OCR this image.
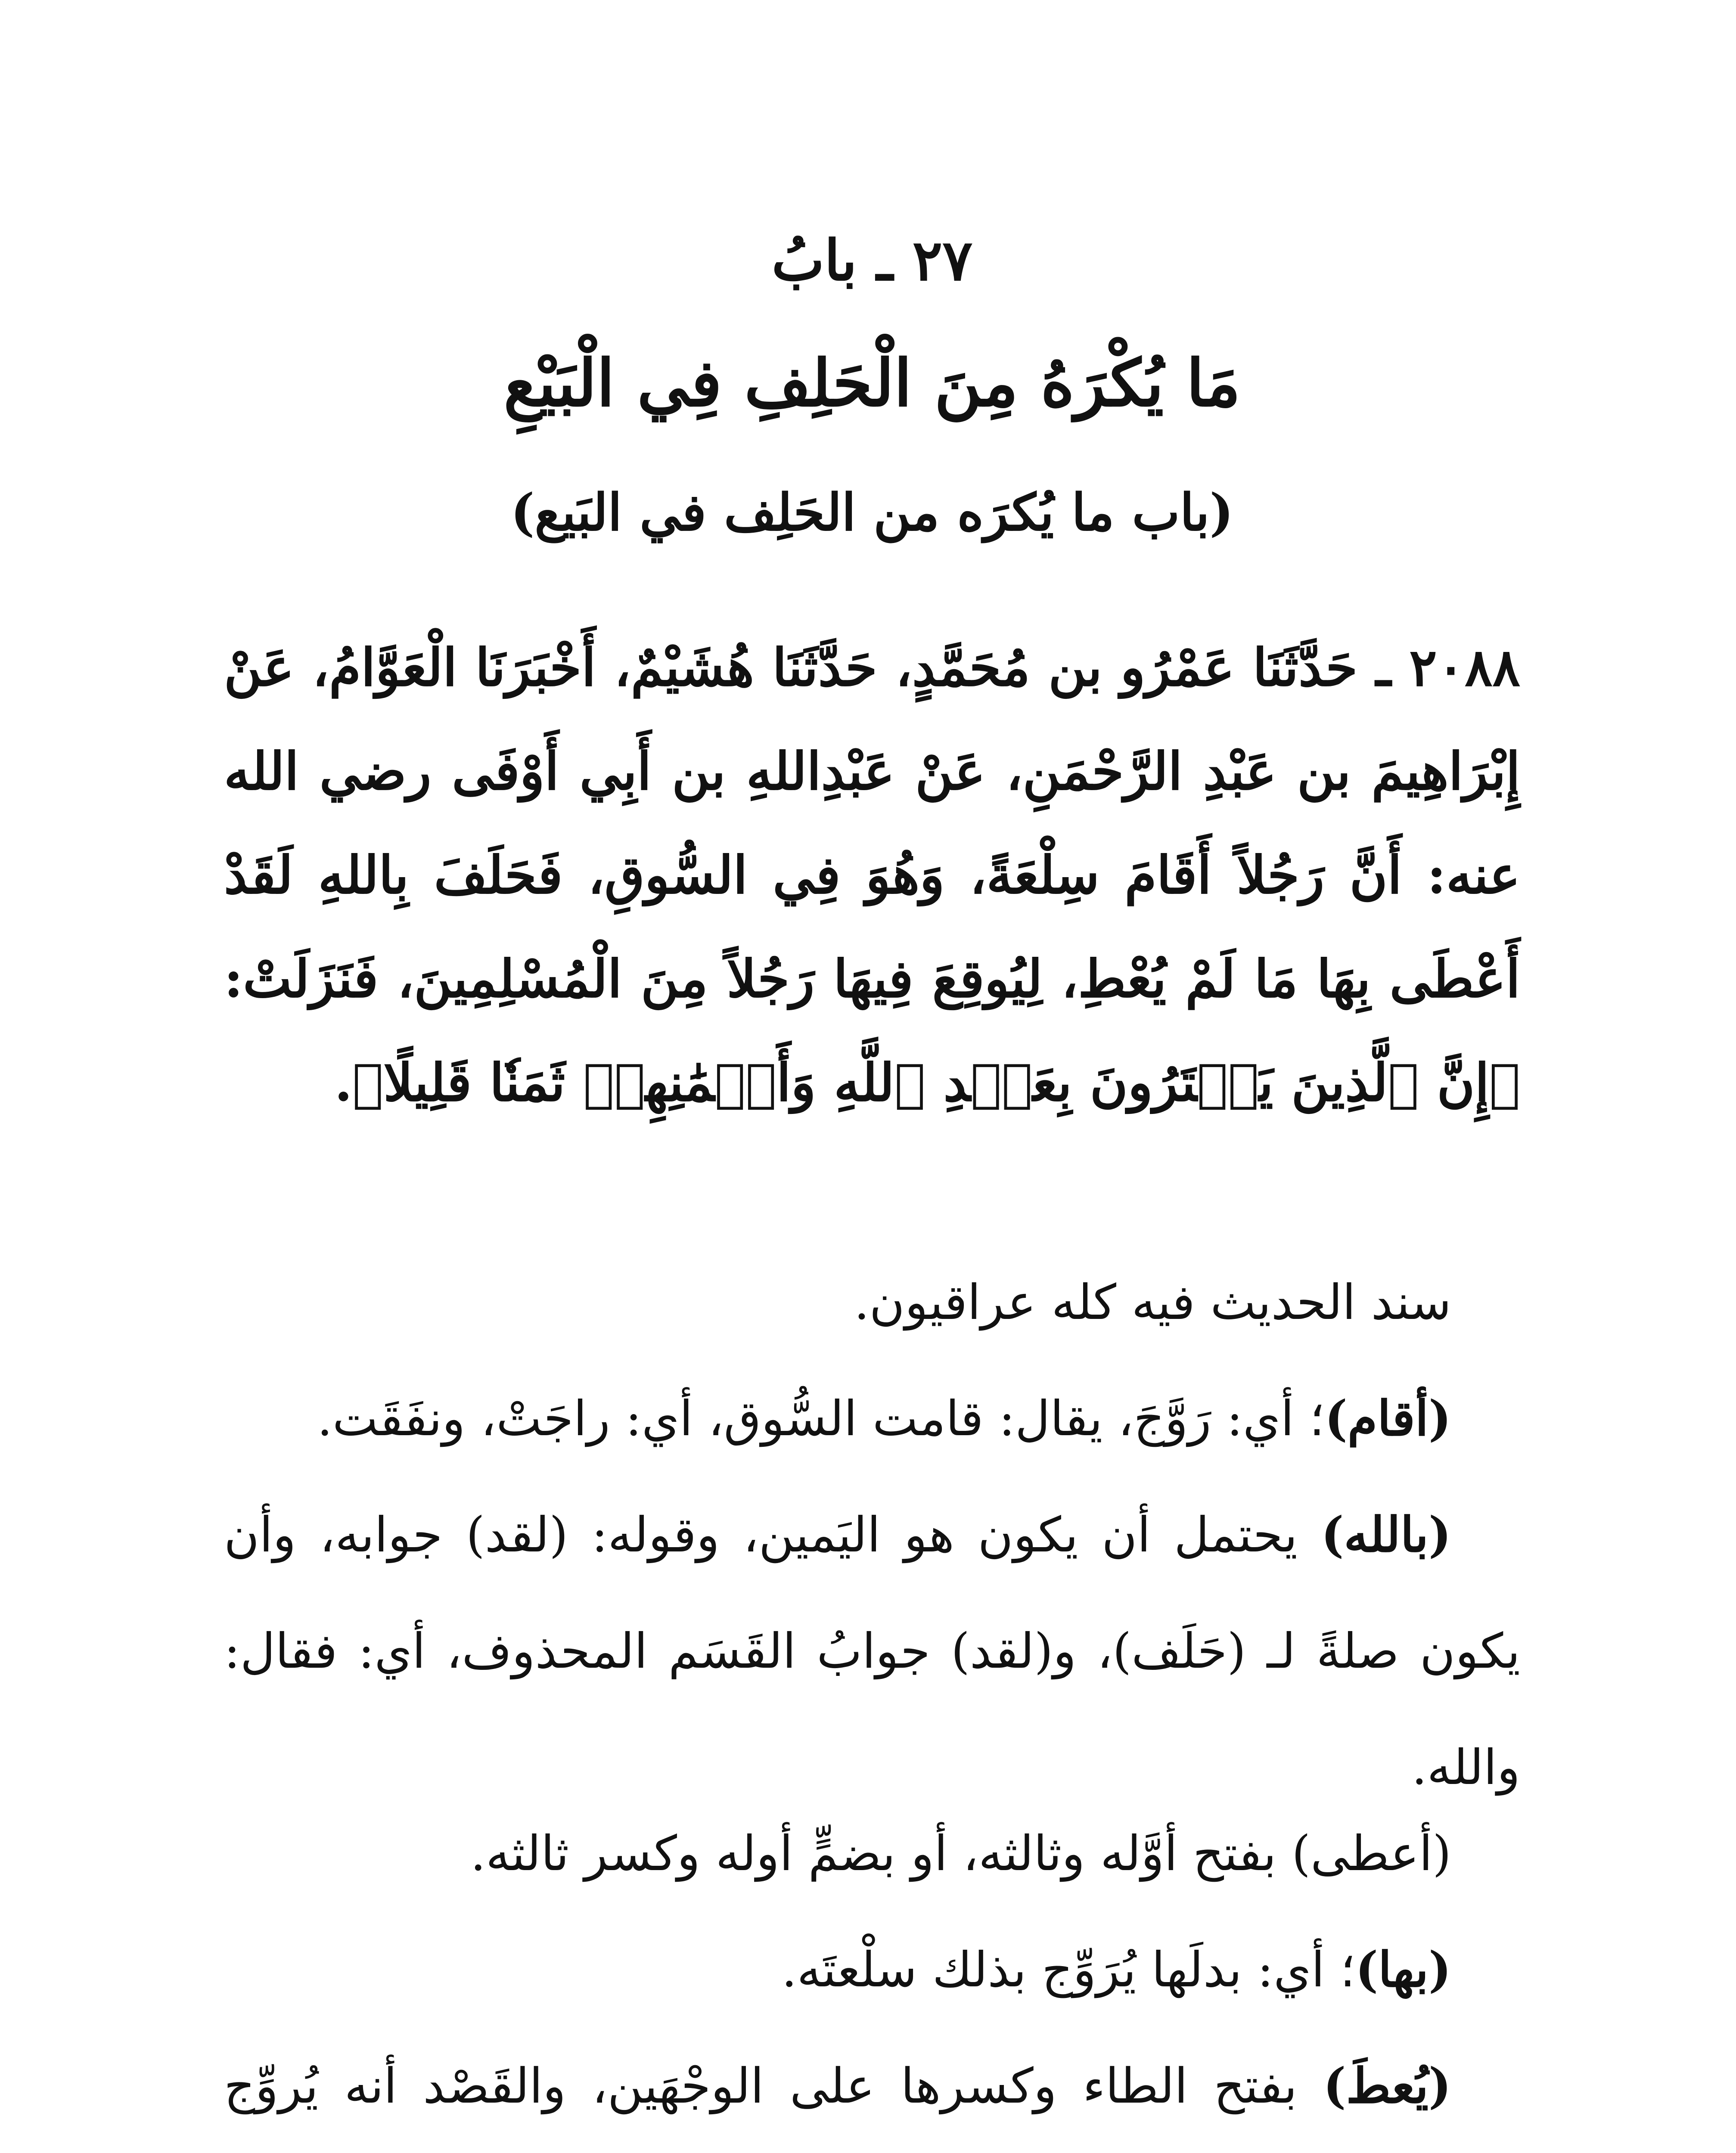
٢٧ ـ بابُ
مَا يُكْرَهُ مِنَ الْحَلِفِ فِي الْبَيْعِ
(باب ما يُكرَه من الحَلِف في البَيع)
٢٠٨٨ ـ حَدَّثَنَا عَمْرُو بن مُحَمَّدٍ، حَدَّثَنَا هُشَيْمٌ، أَخْبَرَنَا الْعَوَّامُ، عَنْ إِبْرَاهِيمَ بن عَبْدِ الرَّحْمَنِ، عَنْ عَبْدِاللهِ بن أَبِي أَوْفَى رضي الله عنه: أَنَّ رَجُلاً أَقَامَ سِلْعَةً، وَهُوَ فِي السُّوقِ، فَحَلَفَ بِاللهِ لَقَدْ أَعْطَى بِهَا مَا لَمْ يُعْطِ، لِيُوقِعَ فِيهَا رَجُلاً مِنَ الْمُسْلِمِينَ، فَنَزَلَتْ: ﴿إِنَّ ٱلَّذِينَ يَشۡتَرُونَ بِعَهۡدِ ٱللَّهِ وَأَيۡمَٰنِهِمۡ ثَمَنٗا قَلِيلًا﴾.
سند الحديث فيه كله عراقيون.
(أقام)؛ أي: رَوَّجَ، يقال: قامت السُّوق، أي: راجَتْ، ونفَقَت.
(بالله) يحتمل أن يكون هو اليَمين، وقوله: (لقد) جوابه، وأن يكون صلةً لـ (حَلَف)، و(لقد) جوابُ القَسَم المحذوف، أي: فقال: والله.
(أعطى) بفتح أوَّله وثالثه، أو بضمٍّ أوله وكسر ثالثه.
(بها)؛ أي: بدلَها يُرَوِّج بذلك سلْعتَه.
(يُعطَ) بفتح الطاء وكسرها على الوجْهَين، والقَصْد أنه يُروِّج
